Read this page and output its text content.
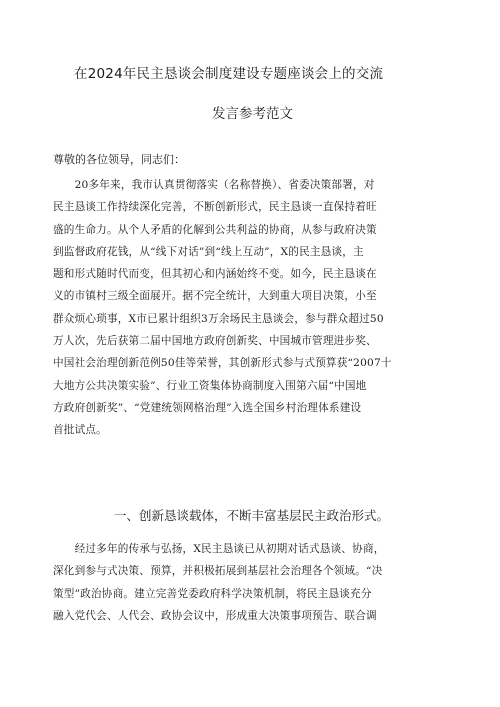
在2024年民主恳谈会制度建设专题座谈会上的交流
发言参考范文
尊敬的各位领导，同志们：
　　20多年来，我市认真贯彻落实（名称替换）、省委决策部署，对
民主恳谈工作持续深化完善，不断创新形式，民主恳谈一直保持着旺
盛的生命力。从个人矛盾的化解到公共利益的协商，从参与政府决策
到监督政府花钱，从“线下对话”到“线上互动”，X的民主恳谈，主
题和形式随时代而变，但其初心和内涵始终不变。如今，民主恳谈在
义的市镇村三级全面展开。据不完全统计，大到重大项目决策，小至
群众烦心琐事，X市已累计组织3万余场民主恳谈会，参与群众超过50
万人次，先后获第二届中国地方政府创新奖、中国城市管理进步奖、
中国社会治理创新范例50佳等荣誉，其创新形式参与式预算获“2007十
大地方公共决策实验”、行业工资集体协商制度入围第六届“中国地
方政府创新奖”、“党建统领网格治理”入选全国乡村治理体系建设
首批试点。
一、创新恳谈载体，不断丰富基层民主政治形式。
　　经过多年的传承与弘扬，X民主恳谈已从初期对话式恳谈、协商，
深化到参与式决策、预算，并积极拓展到基层社会治理各个领域。“决
策型”政治协商。建立完善党委政府科学决策机制，将民主恳谈充分
融入党代会、人代会、政协会议中，形成重大决策事项预告、联合调
